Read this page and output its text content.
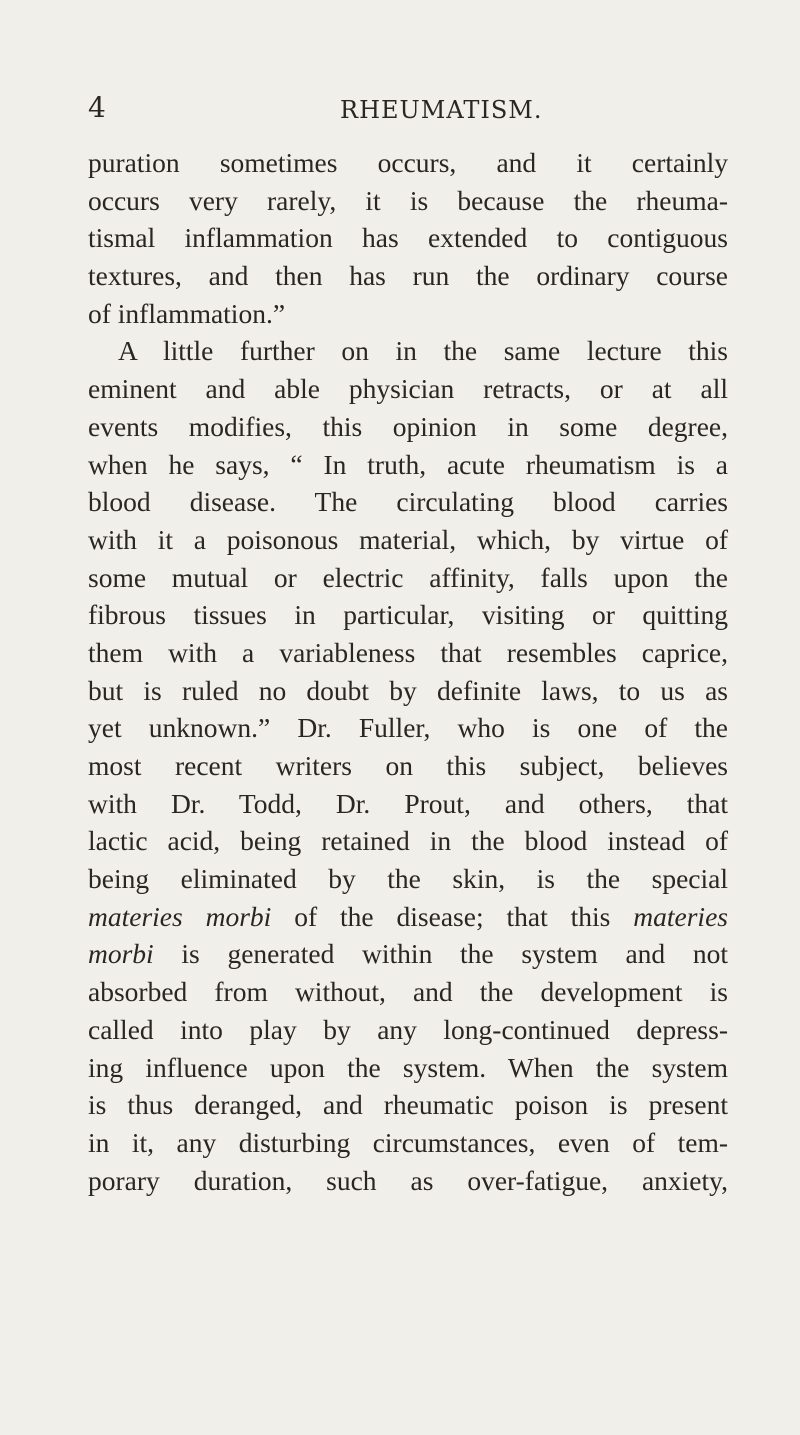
4	RHEUMATISM.
puration sometimes occurs, and it certainly
occurs very rarely, it is because the rheuma-
tismal inflammation has extended to contiguous
textures, and then has run the ordinary course
of inflammation.”
A little further on in the same lecture this
eminent and able physician retracts, or at all
events modifies, this opinion in some degree,
when he says, “ In truth, acute rheumatism is a
blood disease. The circulating blood carries
with it a poisonous material, which, by virtue of
some mutual or electric affinity, falls upon the
fibrous tissues in particular, visiting or quitting
them with a variableness that resembles caprice,
but is ruled no doubt by definite laws, to us as
yet unknown.” Dr. Fuller, who is one of the
most recent writers on this subject, believes
with Dr. Todd, Dr. Prout, and others, that
lactic acid, being retained in the blood instead of
being eliminated by the skin, is the special
materies morbi of the disease; that this materies
morbi is generated within the system and not
absorbed from without, and the development is
called into play by any long-continued depress-
ing influence upon the system. When the system
is thus deranged, and rheumatic poison is present
in it, any disturbing circumstances, even of tem-
porary duration, such as over-fatigue, anxiety,
